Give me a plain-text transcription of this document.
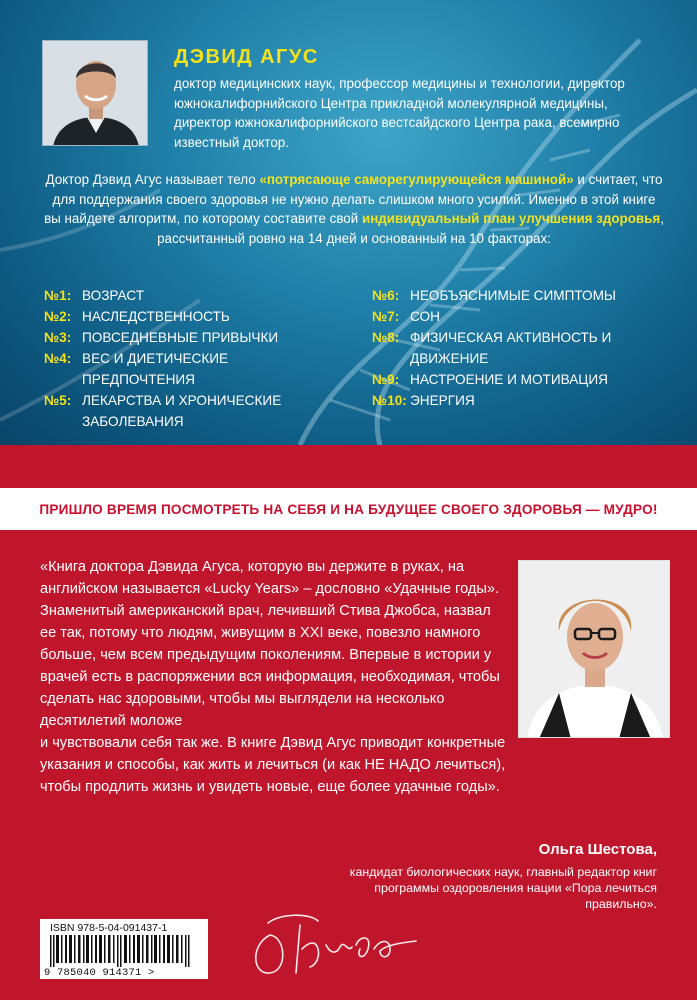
ДЭВИД АГУС
доктор медицинских наук, профессор медицины и технологии, директор южнокалифорнийского Центра прикладной молекулярной медицины, директор южнокалифорнийского вестсайдского Центра рака, всемирно известный доктор.
Доктор Дэвид Агус называет тело «потрясающе саморегулирующейся машиной» и считает, что для поддержания своего здоровья не нужно делать слишком много усилий. Именно в этой книге вы найдете алгоритм, по которому составите свой индивидуальный план улучшения здоровья, рассчитанный ровно на 14 дней и основанный на 10 факторах:
№1: ВОЗРАСТ
№2: НАСЛЕДСТВЕННОСТЬ
№3: ПОВСЕДНЕВНЫЕ ПРИВЫЧКИ
№4: ВЕС И ДИЕТИЧЕСКИЕ ПРЕДПОЧТЕНИЯ
№5: ЛЕКАРСТВА И ХРОНИЧЕСКИЕ ЗАБОЛЕВАНИЯ
№6: НЕОБЪЯСНИМЫЕ СИМПТОМЫ
№7: СОН
№8: ФИЗИЧЕСКАЯ АКТИВНОСТЬ И ДВИЖЕНИЕ
№9: НАСТРОЕНИЕ И МОТИВАЦИЯ
№10: ЭНЕРГИЯ
ПРИШЛО ВРЕМЯ ПОСМОТРЕТЬ НА СЕБЯ И НА БУДУЩЕЕ СВОЕГО ЗДОРОВЬЯ — МУДРО!
«Книга доктора Дэвида Агуса, которую вы держите в руках, на английском называется «Lucky Years» – дословно «Удачные годы». Знаменитый американский врач, лечивший Стива Джобса, назвал ее так, потому что людям, живущим в XXI веке, повезло намного больше, чем всем предыдущим поколениям. Впервые в истории у врачей есть в распоряжении вся информация, необходимая, чтобы сделать нас здоровыми, чтобы мы выглядели на несколько десятилетий моложе
и чувствовали себя так же. В книге Дэвид Агус приводит конкретные
указания и способы, как жить и лечиться (и как НЕ НАДО лечиться),
чтобы продлить жизнь и увидеть новые, еще более удачные годы».
Ольга Шестова,
кандидат биологических наук, главный редактор книг программы оздоровления нации «Пора лечиться правильно».
ISBN 978-5-04-091437-1
9 785040 914371 >
